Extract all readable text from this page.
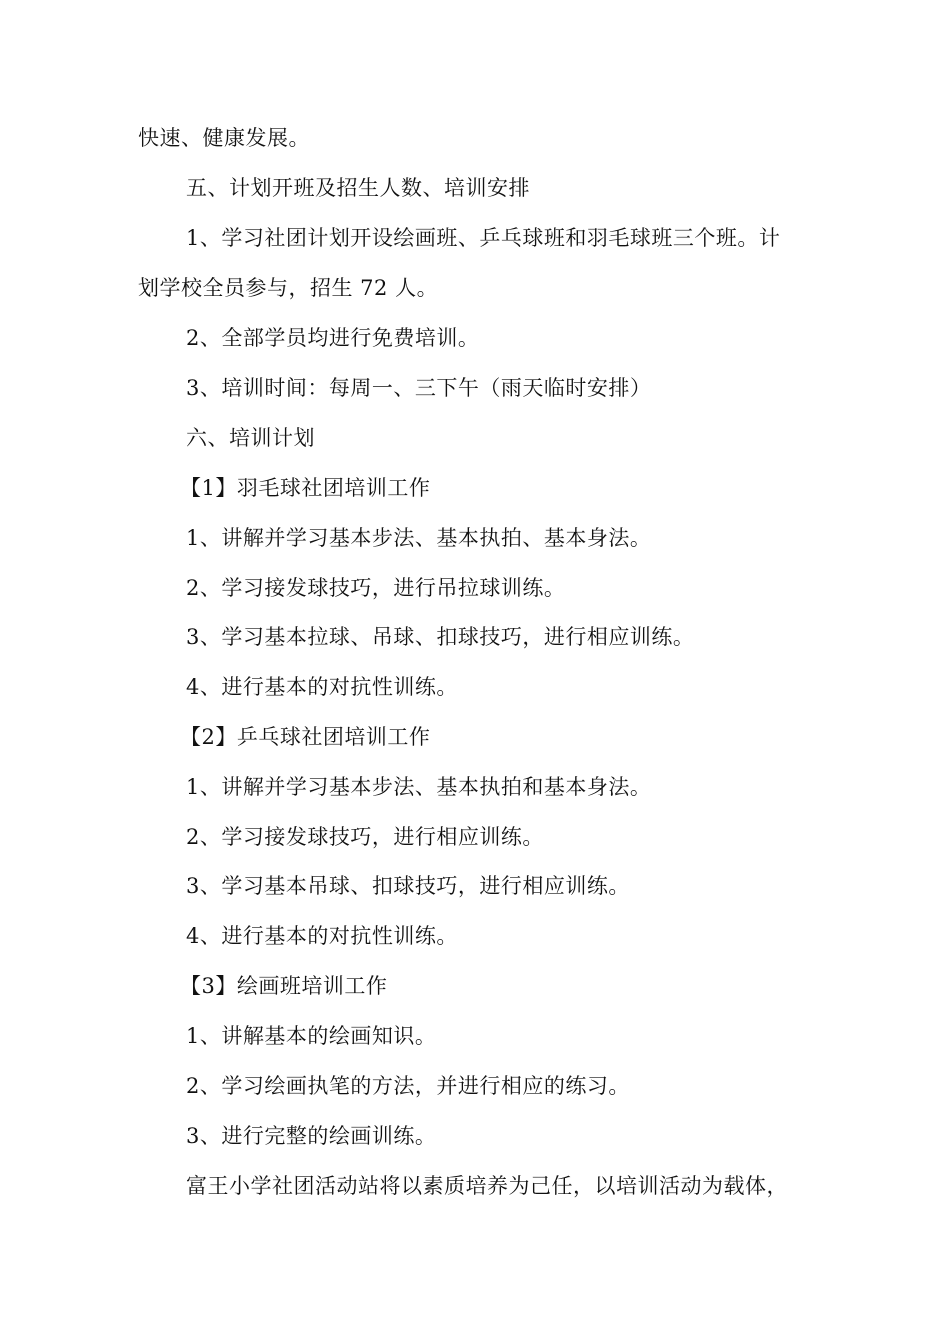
快速、健康发展。
五、计划开班及招生人数、培训安排
1、学习社团计划开设绘画班、乒乓球班和羽毛球班三个班。计
划学校全员参与，招生 72 人。
2、全部学员均进行免费培训。
3、培训时间：每周一、三下午（雨天临时安排）
六、培训计划
【1】羽毛球社团培训工作
1、讲解并学习基本步法、基本执拍、基本身法。
2、学习接发球技巧，进行吊拉球训练。
3、学习基本拉球、吊球、扣球技巧，进行相应训练。
4、进行基本的对抗性训练。
【2】乒乓球社团培训工作
1、讲解并学习基本步法、基本执拍和基本身法。
2、学习接发球技巧，进行相应训练。
3、学习基本吊球、扣球技巧，进行相应训练。
4、进行基本的对抗性训练。
【3】绘画班培训工作
1、讲解基本的绘画知识。
2、学习绘画执笔的方法，并进行相应的练习。
3、进行完整的绘画训练。
富王小学社团活动站将以素质培养为己任，以培训活动为载体，
